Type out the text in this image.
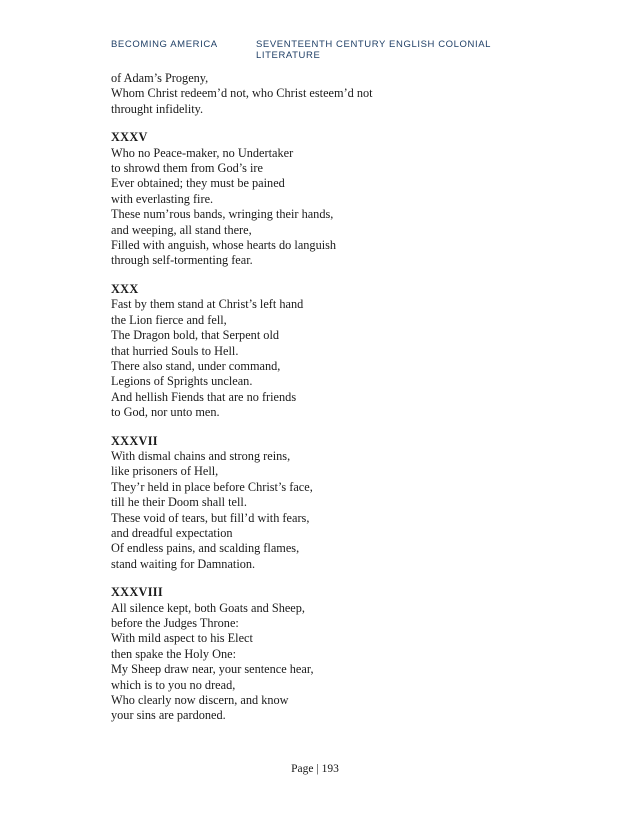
BECOMING AMERICA	SEVENTEENTH CENTURY ENGLISH COLONIAL LITERATURE
of Adam’s Progeny,
Whom Christ redeem’d not, who Christ esteem’d not
throught infidelity.
XXXV
Who no Peace-maker, no Undertaker
to shrowd them from God’s ire
Ever obtained; they must be pained
with everlasting fire.
These num’rous bands, wringing their hands,
and weeping, all stand there,
Filled with anguish, whose hearts do languish
through self-tormenting fear.
XXX
Fast by them stand at Christ’s left hand
the Lion fierce and fell,
The Dragon bold, that Serpent old
that hurried Souls to Hell.
There also stand, under command,
Legions of Sprights unclean.
And hellish Fiends that are no friends
to God, nor unto men.
XXXVII
With dismal chains and strong reins,
like prisoners of Hell,
They’r held in place before Christ’s face,
till he their Doom shall tell.
These void of tears, but fill’d with fears,
and dreadful expectation
Of endless pains, and scalding flames,
stand waiting for Damnation.
XXXVIII
All silence kept, both Goats and Sheep,
before the Judges Throne:
With mild aspect to his Elect
then spake the Holy One:
My Sheep draw near, your sentence hear,
which is to you no dread,
Who clearly now discern, and know
your sins are pardoned.
Page | 193
